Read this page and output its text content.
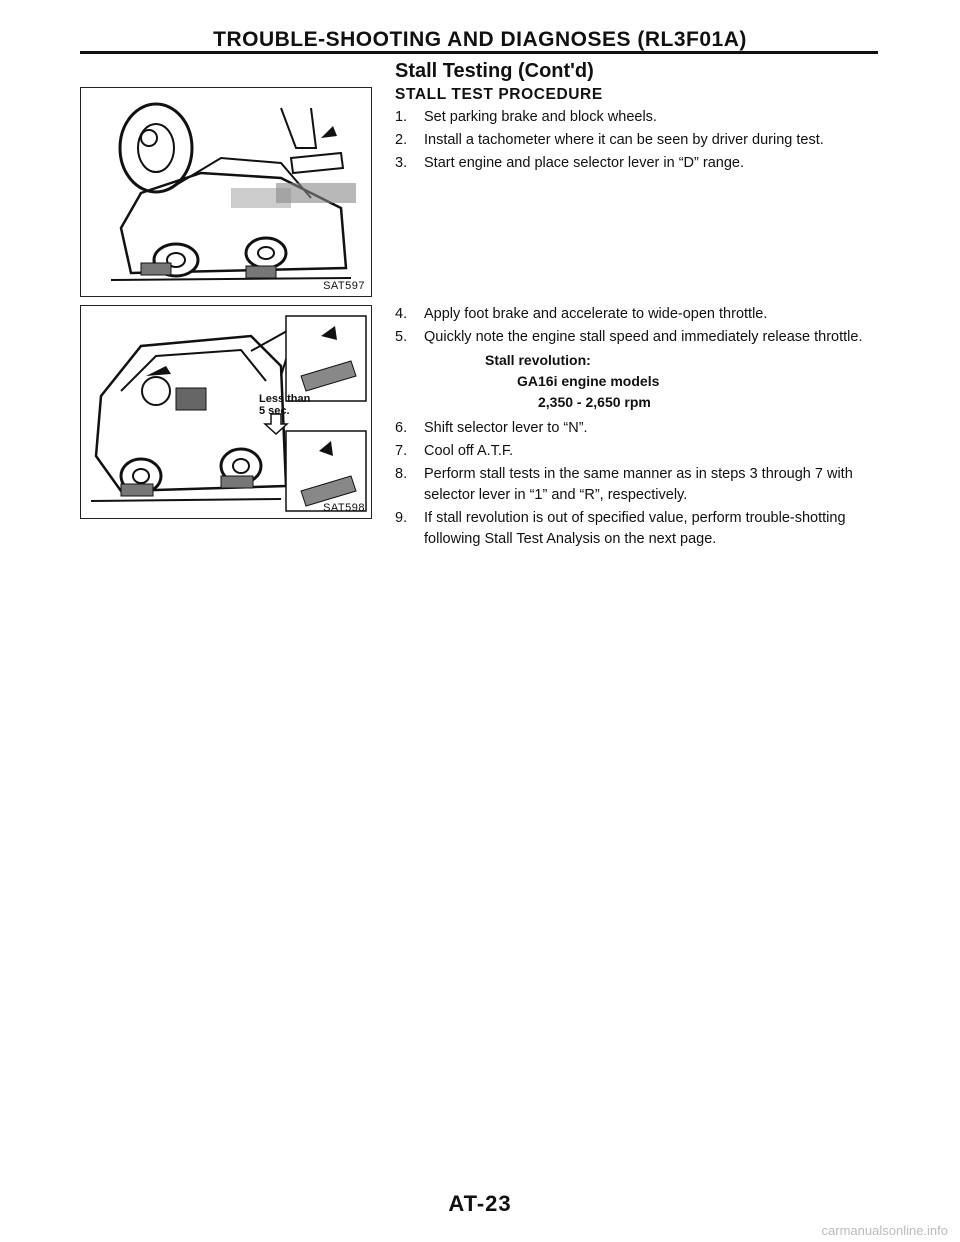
TROUBLE-SHOOTING AND DIAGNOSES (RL3F01A)
SAT597
Less than
5 sec.
SAT598
Stall Testing (Cont'd)
STALL TEST PROCEDURE
1. Set parking brake and block wheels.
2. Install a tachometer where it can be seen by driver during test.
3. Start engine and place selector lever in “D” range.
4. Apply foot brake and accelerate to wide-open throttle.
5. Quickly note the engine stall speed and immediately release throttle.
Stall revolution:
GA16i engine models
2,350 - 2,650 rpm
6. Shift selector lever to “N”.
7. Cool off A.T.F.
8. Perform stall tests in the same manner as in steps 3 through 7 with selector lever in “1” and “R”, respectively.
9. If stall revolution is out of specified value, perform trouble-shotting following Stall Test Analysis on the next page.
AT-23
carmanualsonline.info
